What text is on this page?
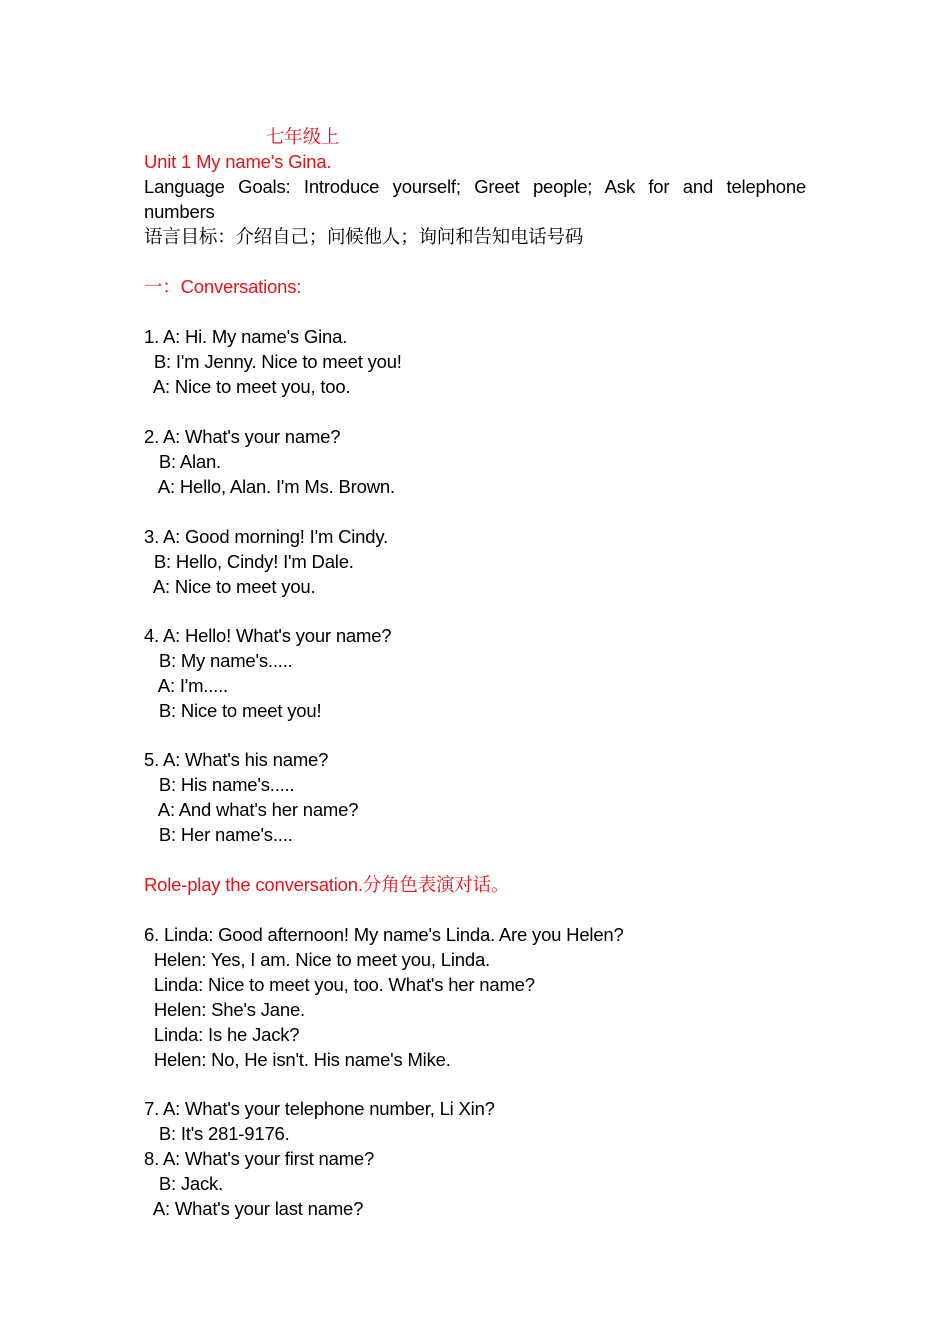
七年级上
Unit 1 My name's Gina.
Language Goals: Introduce yourself; Greet people; Ask for and telephone
numbers
语言目标：介绍自己；问候他人；询问和告知电话号码
一：Conversations:
1. A: Hi. My name's Gina.
B: I'm Jenny. Nice to meet you!
A: Nice to meet you, too.
2. A: What's your name?
B: Alan.
A: Hello, Alan. I'm Ms. Brown.
3. A: Good morning! I'm Cindy.
B: Hello, Cindy! I'm Dale.
A: Nice to meet you.
4. A: Hello! What's your name?
B: My name's.....
A: I'm.....
B: Nice to meet you!
5. A: What's his name?
B: His name's.....
A: And what's her name?
B: Her name's....
Role-play the conversation.分角色表演对话。
6. Linda: Good afternoon! My name's Linda. Are you Helen?
Helen: Yes, I am. Nice to meet you, Linda.
Linda: Nice to meet you, too. What's her name?
Helen: She's Jane.
Linda: Is he Jack?
Helen: No, He isn't. His name's Mike.
7. A: What's your telephone number, Li Xin?
B: It's 281-9176.
8. A: What's your first name?
B: Jack.
A: What's your last name?
